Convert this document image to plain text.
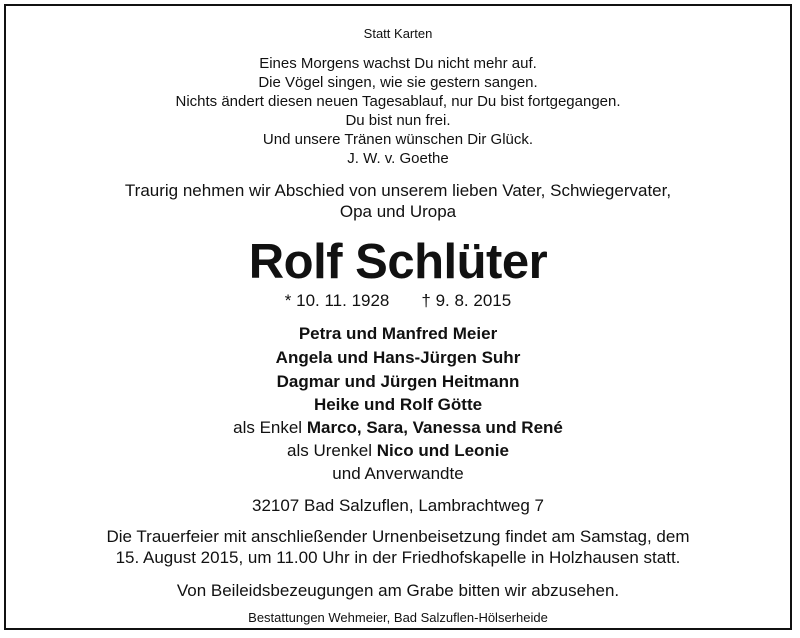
Statt Karten
Eines Morgens wachst Du nicht mehr auf.
Die Vögel singen, wie sie gestern sangen.
Nichts ändert diesen neuen Tagesablauf, nur Du bist fortgegangen.
Du bist nun frei.
Und unsere Tränen wünschen Dir Glück.
J. W. v. Goethe
Traurig nehmen wir Abschied von unserem lieben Vater, Schwiegervater,
Opa und Uropa
Rolf Schlüter
* 10. 11. 1928 † 9. 8. 2015
Petra und Manfred Meier
Angela und Hans-Jürgen Suhr
Dagmar und Jürgen Heitmann
Heike und Rolf Götte
als Enkel Marco, Sara, Vanessa und René
als Urenkel Nico und Leonie
und Anverwandte
32107 Bad Salzuflen, Lambrachtweg 7
Die Trauerfeier mit anschließender Urnenbeisetzung findet am Samstag, dem
15. August 2015, um 11.00 Uhr in der Friedhofskapelle in Holzhausen statt.
Von Beileidsbezeugungen am Grabe bitten wir abzusehen.
Bestattungen Wehmeier, Bad Salzuflen-Hölserheide
